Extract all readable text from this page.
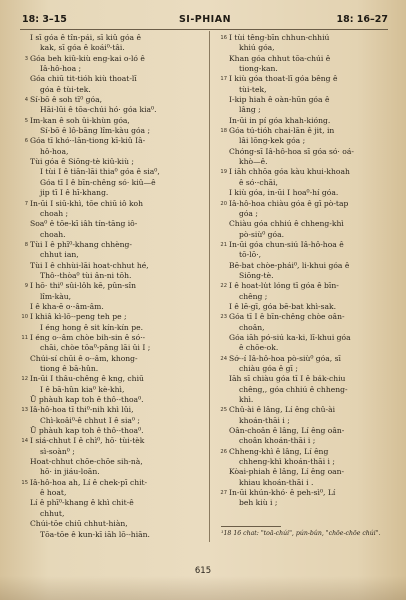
18: 3–15	SI-PHIAN	18: 16–27
I sī góa ê tîn-pái, sī kiû góa ê
kak, sī góa ê koái⁰-tâi.
3 Góa beh kiû-kiù eng-kai o-ló ê
Iâ-hô-hoa ;
Góa chiū tit-tióh kiù thoat-lī
góa ê tùi-tek.
4 Sí-bō ê soh tī⁰ góa,
Hāi-lūi ê tōa-chúi hó· góa kia⁰.
5 Im-kan ê soh ûi-khùn góa,
Sí-bō ê lô-bāng lîm-kàu góa ;
6 Góa tī khó·-lān-tiong kī-kiû Iâ-
hô-hoa,
Tùi góa ê Siōng-tè kiû-kiù ;
I tùi I ê tiān-lāi thia⁰ góa ê sia⁰,
Góa tī I ê bīn-chêng só· kiû—ê
jip tī I ê hī-khang.
7 In-ūi I siū-khì, tōe chiū iô koh
choah ;
Soa⁰ ê tōe-kī iâh tín-tāng iô-
choah.
8 Tùi I ê phī⁰-khang chhèng-
chhut ian,
Tùi I ê chhùi-lāi hoat-chhut hé,
Thô·-thòa⁰ tùi ân-ni tōh.
9 I hō· thi⁰ sûi-lôh kē, pûn-sîn
lîm-kàu,
I ê kha-ē o·-âm-âm.
10 I khiâ kì-lō·-peng teh pe ;
I éng hong ê sit kín-kín pe.
11 I éng o·-âm chòe bih-sin ê só·-
chāi, chòe tōa⁰-pâng lāi ûi I ;
Chúi-sí chūi ê o·-âm, khong-
tiong ê bā-hûn.
12 In-ūi I thâu-chêng ê kng, chiū
I ê bā-hûn kia⁰ kè-khì,
Ū phàuh kap toh ê thô·-thoa⁰.
13 Iâ-hô-hoa tī thi⁰-nih khì lûi,
Chì-koâi⁰-ê chhut I ê sia⁰ ;
Ū phàuh kap toh ê thô·-thoa⁰.
14 I siá-chhut I ê chì⁰, hō· tùi-tèk
sì-soàn⁰ ;
Hoat-chhut chōe-chōe sih-nà,
hō· in jiáu-loān.
15 Iâ-hô-hoa ah, Lí ê chek-pī chit-
ê hoat,
Lí ê phī⁰-khang ê khì chit-ê
chhut,
Chúi-tōe chiū chhut-hiàn,
Tōa-tōe ê kun-kī iāh lō·-hiān.
16 I tùi têng-bīn chhun-chhiú
khiú góa,
Khan góa chhut tōa-chúi ê
tiong-kan.
17 I kiù góa thoat-lī góa bêng ê
tùi-tek,
I-kip hiah ê oàn-hūn góa ê
lâng ;
In-ūi in pí góa khah-kióng.
18 Góa tú-tióh chai-lān ê jit, in
lâi lōng-kek góa ;
Chóng-sī Iâ-hô-hoa sī góa só· oá-
khò—ê.
19 I iāh chhōa góa kàu khui-khoah
ê só·-chāi,
I kiù góa, in-ūi I hoa⁰-hí góa.
20 Iâ-hô-hoa chiàu góa ê gī pò-tap
góa ;
Chiàu góa chhiú ê chheng-khì
pò-siù⁰ góa.
21 In-ūi góa chun-siú Iâ-hô-hoa ê
tō-lō·,
Bē-bat chòe-phái⁰, li-khui góa ê
Siōng-tè.
22 I ê hoat-lu̍t lóng tī góa ê bīn-
chêng ;
I ê lē-gī, góa bē-bat khì-sak.
23 Góa tī I ê bīn-chêng chòe oân-
choân,
Góa iāh pó-siú ka-ki, lī-khui góa
ê chōe-ok.
24 Sớ·-í Iâ-hô-hoa pò-siù⁰ góa, sī
chiàu góa ê gī ;
Iāh sī chiàu góa tī I ê bák-chiu
chêng,, góa chhiú ê chheng-
khì.
25 Chû-ài ê lâng, Lí êng chû-ài
khoán-thāi i ;
Oân-choân ê lâng, Lí êng oân-
choân khoán-thāi i ;
26 Chheng-khì ê lâng, Lí êng
chheng-khì khoán-thāi i ;
Kòai-phiah ê lâng, Lí êng oan-
khiau khoán-thāi i .
27 In-ūi khún-khó· ê peh-sì⁰, Lí
beh kiù i ;
¹18 16 chat: "toā-chúi", pún-bûn, "chōe-chōe chúi".
615
